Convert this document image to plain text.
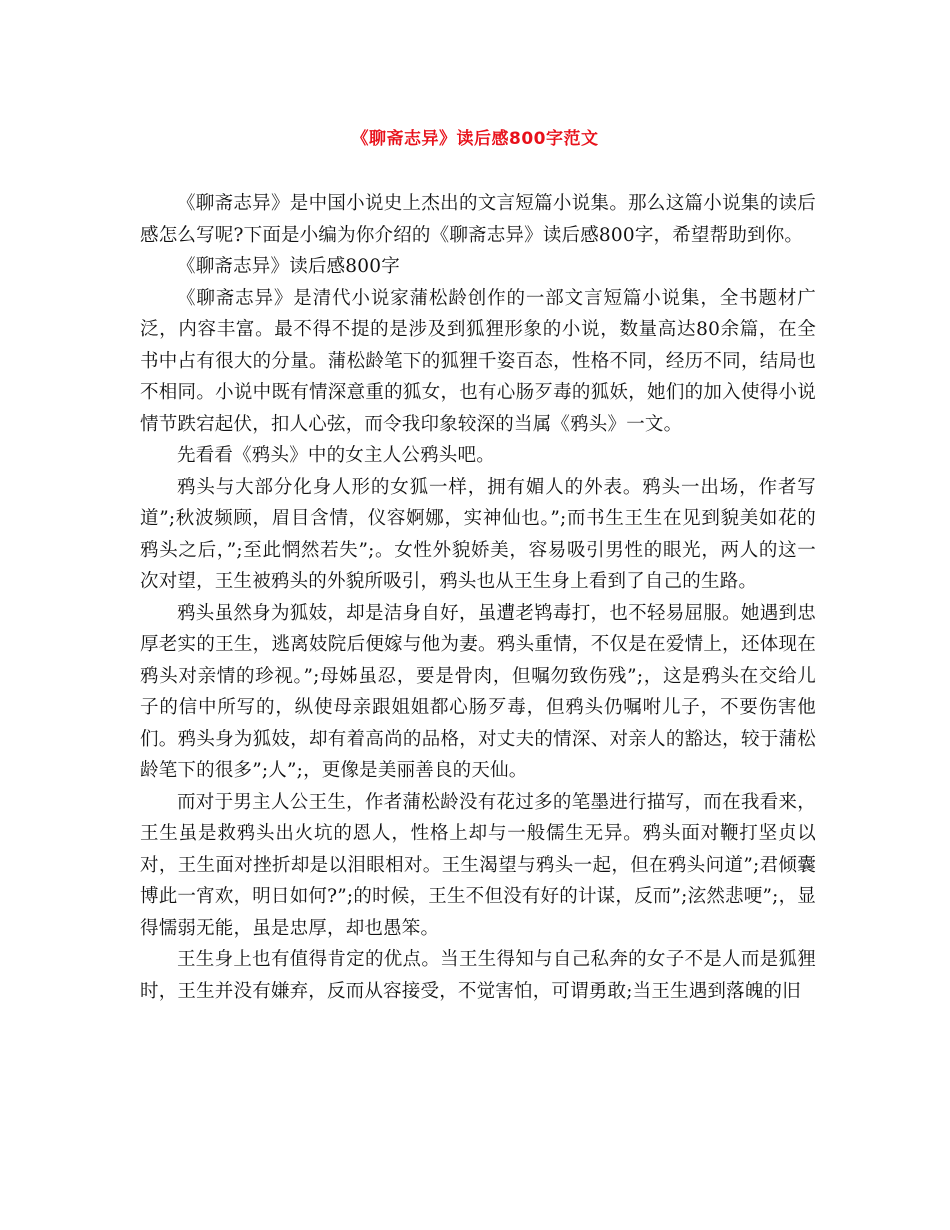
《聊斋志异》读后感800字范文

《聊斋志异》是中国小说史上杰出的文言短篇小说集。那么这篇小说集的读后感怎么写呢?下面是小编为你介绍的《聊斋志异》读后感800字，希望帮助到你。

《聊斋志异》读后感800字

《聊斋志异》是清代小说家蒲松龄创作的一部文言短篇小说集，全书题材广泛，内容丰富。最不得不提的是涉及到狐狸形象的小说，数量高达80余篇，在全书中占有很大的分量。蒲松龄笔下的狐狸千姿百态，性格不同，经历不同，结局也不相同。小说中既有情深意重的狐女，也有心肠歹毒的狐妖，她们的加入使得小说情节跌宕起伏，扣人心弦，而令我印象较深的当属《鸦头》一文。

先看看《鸦头》中的女主人公鸦头吧。

鸦头与大部分化身人形的女狐一样，拥有媚人的外表。鸦头一出场，作者写道”;秋波频顾，眉目含情，仪容婀娜，实神仙也。”;而书生王生在见到貌美如花的鸦头之后，”;至此惘然若失”;。女性外貌娇美，容易吸引男性的眼光，两人的这一次对望，王生被鸦头的外貌所吸引，鸦头也从王生身上看到了自己的生路。

鸦头虽然身为狐妓，却是洁身自好，虽遭老鸨毒打，也不轻易屈服。她遇到忠厚老实的王生，逃离妓院后便嫁与他为妻。鸦头重情，不仅是在爱情上，还体现在鸦头对亲情的珍视。”;母姊虽忍，要是骨肉，但嘱勿致伤残”;，这是鸦头在交给儿子的信中所写的，纵使母亲跟姐姐都心肠歹毒，但鸦头仍嘱咐儿子，不要伤害他们。鸦头身为狐妓，却有着高尚的品格，对丈夫的情深、对亲人的豁达，较于蒲松龄笔下的很多”;人”;，更像是美丽善良的天仙。

而对于男主人公王生，作者蒲松龄没有花过多的笔墨进行描写，而在我看来，王生虽是救鸦头出火坑的恩人，性格上却与一般儒生无异。鸦头面对鞭打坚贞以对，王生面对挫折却是以泪眼相对。王生渴望与鸦头一起，但在鸦头问道”;君倾囊博此一宵欢，明日如何?”;的时候，王生不但没有好的计谋，反而”;泫然悲哽”;，显得懦弱无能，虽是忠厚，却也愚笨。

王生身上也有值得肯定的优点。当王生得知与自己私奔的女子不是人而是狐狸时，王生并没有嫌弃，反而从容接受，不觉害怕，可谓勇敢;当王生遇到落魄的旧
